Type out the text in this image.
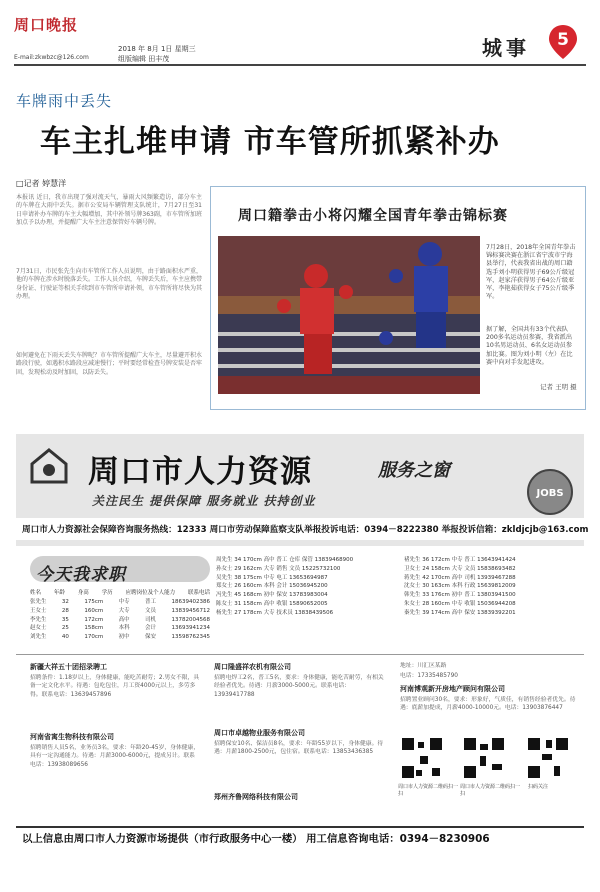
周口晚报
E-mail:zkwbzc@126.com
2018 年 8月 1日 星期三
组版编辑 田丰茂	城事 5
车牌雨中丢失
车主扎堆申请 市车管所抓紧补办
□记者 婷慧洋
本报讯 近日，我市出现了强对流天气，暴雨大风频繁造访，部分车主的车牌在大雨中丢失。据市公安局车辆管理支队统计，7月27日至31日申请补办车牌的车主大幅增加，其中补领号牌363副，市车管所加班加点予以办理，并提醒广大车主注意保管好车辆号牌。
7月31日，市民张先生向市车管所工作人员说明，由于路面积水严重，他的车牌在涉水时脱落丢失。工作人员介绍，车牌丢失后，车主应携带身份证、行驶证等相关手续到市车管所申请补领，市车管所将尽快为其办理。
如何避免在下雨天丢失车牌呢？市车管所提醒广大车主，尽量避开积水路段行驶，如遇积水路段应减速慢行；平时要经常检查号牌安装是否牢固，发现松动及时加固，以防丢失。
周口籍拳击小将闪耀全国青年拳击锦标赛
7月28日，2018年全国青年拳击锦标赛决赛在浙江省宁波市宁海县举行，代表我省出战的周口籍选手刘小明获得男子69公斤级冠军，赵家洋获得男子64公斤级亚军，李艳茹获得女子75公斤级季军。
据了解，全国共有33个代表队200多名运动员参赛，我省派出10名男运动员、6名女运动员参加比赛。图为刘小明（左）在比赛中向对手发起进攻。
记者 王明 摄
周口市人力资源	服务之窗
关注民生 提供保障 服务就业 扶持创业
JOBS
周口市人力资源社会保障咨询服务热线：12333 周口市劳动保障监察支队举报投诉电话：0394－8222380 举报投诉信箱：zkldjcjb@163.com
今天我求职
姓名 年龄 身高 学历 应聘岗位及个人能力 联系电话
张先生	32	175cm	中专	普工	18639402386
王女士	28	160cm	大专	文员	13839456712
李先生	35	172cm	高中	司机	13782004568
赵女士	25	158cm	本科	会计	13693941234
刘先生	40	170cm	初中	保安	13598762345
周先生 34 170cm 高中 普工 仓库 保管 13839468900
孙女士 29 162cm 大专 销售 文员 15225732100
吴先生 38 175cm 中专 电工 13653694987
郑女士 26 160cm 本科 会计 15036945200
冯先生 45 168cm 初中 保安 13783983004
陈女士 31 158cm 高中 收银 15890652005
杨先生 27 178cm 大专 技术员 13838439506
褚先生 36 172cm 中专 普工 13643941424
卫女士 24 158cm 大专 文员 15838693482
蒋先生 42 170cm 高中 司机 13939467288
沈女士 30 163cm 本科 行政 15639812009
韩先生 33 176cm 初中 普工 13803941500
朱女士 28 160cm 中专 收银 15036944208
秦先生 39 174cm 高中 保安 13839392201
新疆大祥五十团招录聘工
招聘条件：1.18岁以上，身体健康，能吃苦耐劳；2.男女不限，具备一定文化水平。待遇：包吃包住，月工资4000元以上，多劳多得。联系电话：13639457896
河南省寓生物科技有限公司
招聘销售人员5名，业务员3名，要求：年龄20-45岁，身体健康，具有一定沟通能力。待遇：月薪3000-6000元，提成另计。联系电话：13938089656
周口隆盛祥农机有限公司
招聘电焊工2名，普工5名，要求：身体健康，能吃苦耐劳，有相关经验者优先。待遇：月薪3000-5000元。联系电话：13939417788
周口市卓越物业服务有限公司
招聘保安10名、保洁员8名，要求：年龄55岁以下，身体健康。待遇：月薪1800-2500元，包住宿。联系电话：13853436385
郑州齐鲁网络科技有限公司
地址：川汇区某路
电话：17335485790
河南博观新开房地产顾问有限公司
招聘置业顾问30名，要求：形象好，气质佳，有销售经验者优先。待遇：底薪加提成，月薪4000-10000元。电话：13903876447
周口市人力资源二维码扫一扫
周口市人力资源二维码扫一扫
扫码关注
以上信息由周口市人力资源市场提供（市行政服务中心一楼） 用工信息咨询电话：0394－8230906
